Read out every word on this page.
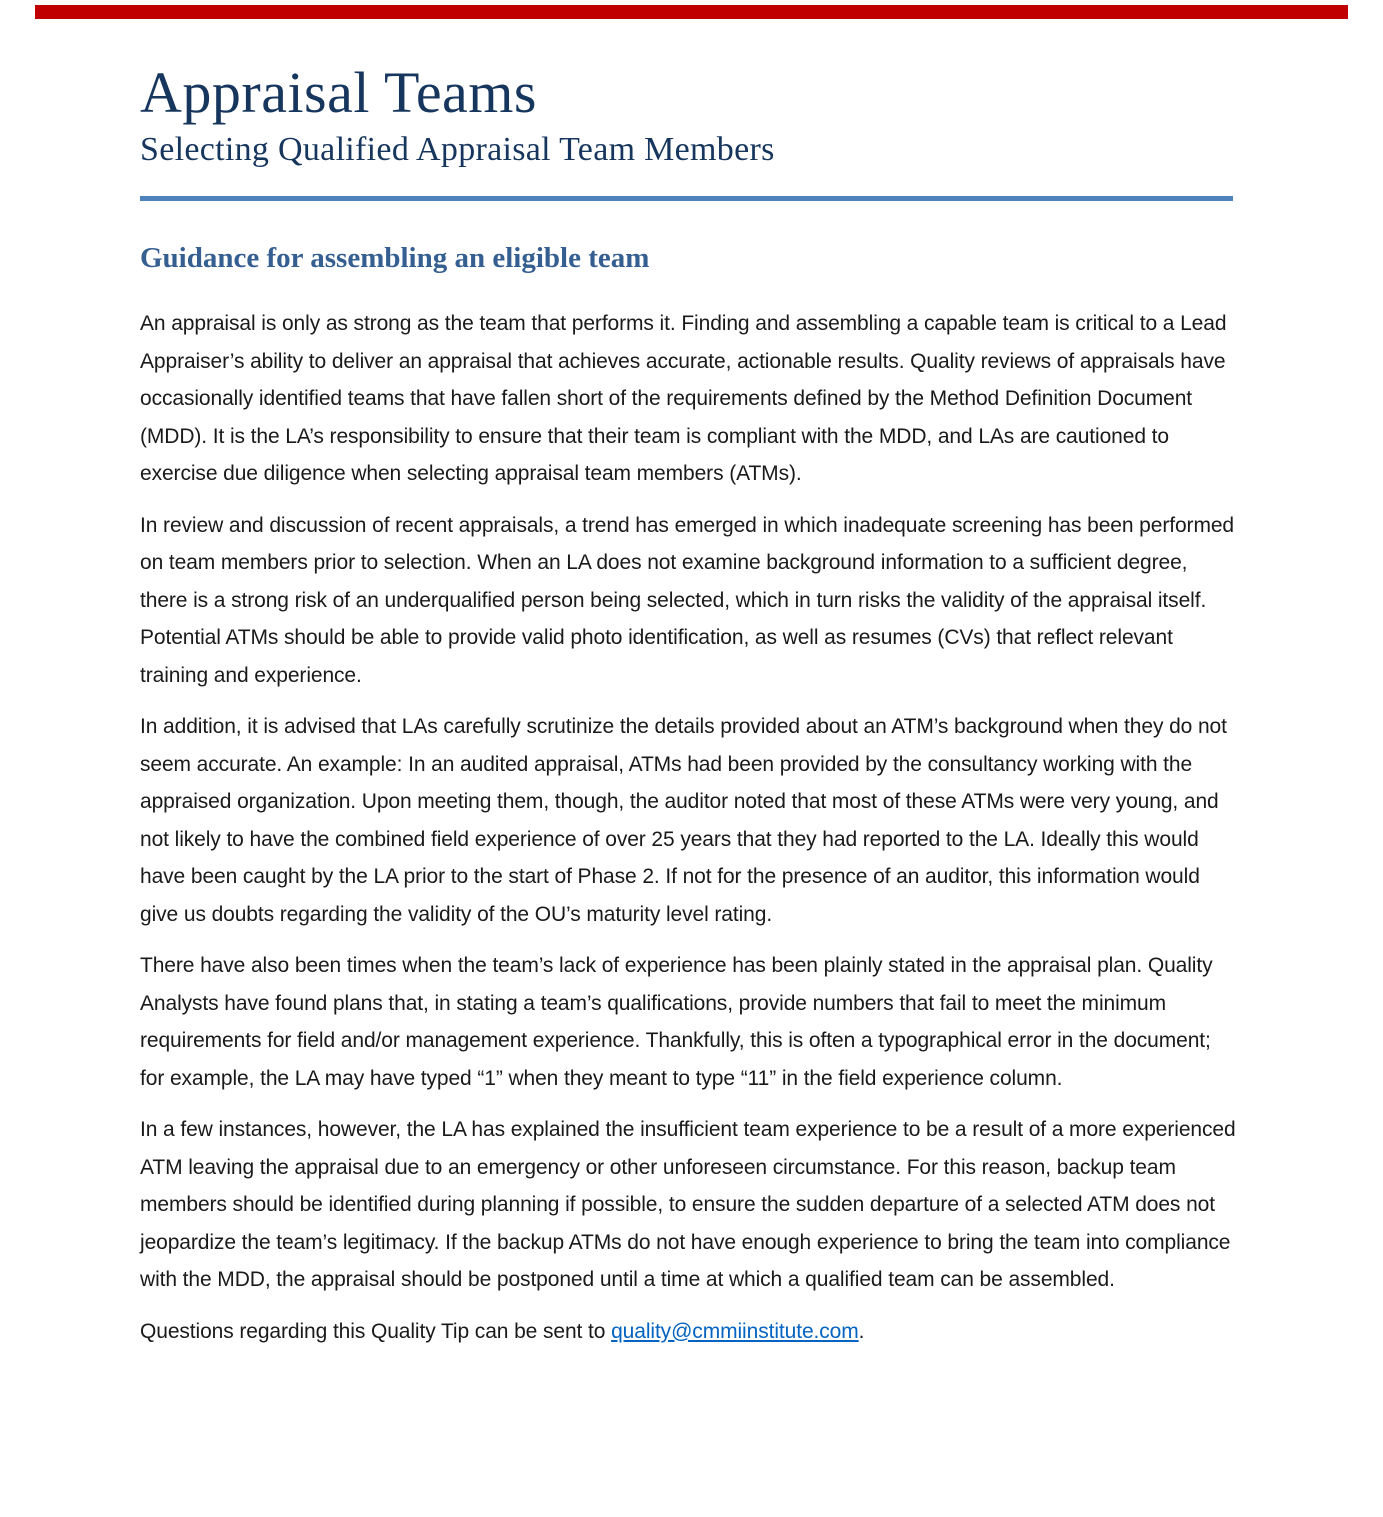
Appraisal Teams
Selecting Qualified Appraisal Team Members
Guidance for assembling an eligible team

An appraisal is only as strong as the team that performs it. Finding and assembling a capable team is critical to a Lead Appraiser’s ability to deliver an appraisal that achieves accurate, actionable results. Quality reviews of appraisals have occasionally identified teams that have fallen short of the requirements defined by the Method Definition Document (MDD). It is the LA’s responsibility to ensure that their team is compliant with the MDD, and LAs are cautioned to exercise due diligence when selecting appraisal team members (ATMs).

In review and discussion of recent appraisals, a trend has emerged in which inadequate screening has been performed on team members prior to selection. When an LA does not examine background information to a sufficient degree, there is a strong risk of an underqualified person being selected, which in turn risks the validity of the appraisal itself. Potential ATMs should be able to provide valid photo identification, as well as resumes (CVs) that reflect relevant training and experience.

In addition, it is advised that LAs carefully scrutinize the details provided about an ATM’s background when they do not seem accurate. An example: In an audited appraisal, ATMs had been provided by the consultancy working with the appraised organization. Upon meeting them, though, the auditor noted that most of these ATMs were very young, and not likely to have the combined field experience of over 25 years that they had reported to the LA. Ideally this would have been caught by the LA prior to the start of Phase 2. If not for the presence of an auditor, this information would give us doubts regarding the validity of the OU’s maturity level rating.

There have also been times when the team’s lack of experience has been plainly stated in the appraisal plan. Quality Analysts have found plans that, in stating a team’s qualifications, provide numbers that fail to meet the minimum requirements for field and/or management experience. Thankfully, this is often a typographical error in the document; for example, the LA may have typed “1” when they meant to type “11” in the field experience column.

In a few instances, however, the LA has explained the insufficient team experience to be a result of a more experienced ATM leaving the appraisal due to an emergency or other unforeseen circumstance. For this reason, backup team members should be identified during planning if possible, to ensure the sudden departure of a selected ATM does not jeopardize the team’s legitimacy. If the backup ATMs do not have enough experience to bring the team into compliance with the MDD, the appraisal should be postponed until a time at which a qualified team can be assembled.

Questions regarding this Quality Tip can be sent to quality@cmmiinstitute.com.
